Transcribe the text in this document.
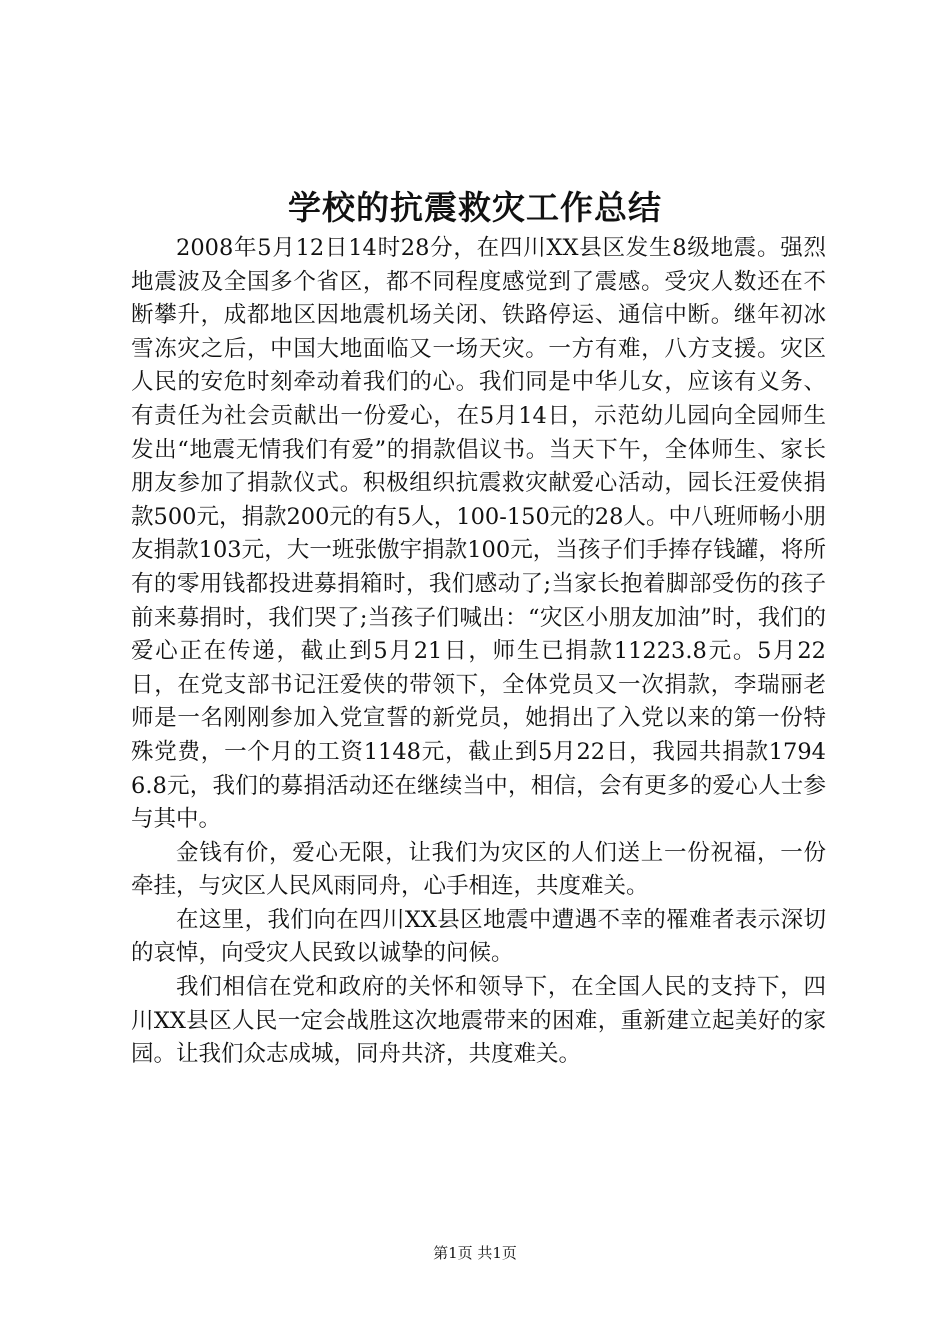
学校的抗震救灾工作总结

2008年5月12日14时28分，在四川XX县区发生8级地震。强烈地震波及全国多个省区，都不同程度感觉到了震感。受灾人数还在不断攀升，成都地区因地震机场关闭、铁路停运、通信中断。继年初冰雪冻灾之后，中国大地面临又一场天灾。一方有难，八方支援。灾区人民的安危时刻牵动着我们的心。我们同是中华儿女，应该有义务、有责任为社会贡献出一份爱心，在5月14日，示范幼儿园向全园师生发出“地震无情我们有爱”的捐款倡议书。当天下午，全体师生、家长朋友参加了捐款仪式。积极组织抗震救灾献爱心活动，园长汪爱侠捐款500元，捐款200元的有5人，100-150元的28人。中八班师畅小朋友捐款103元，大一班张傲宇捐款100元，当孩子们手捧存钱罐，将所有的零用钱都投进募捐箱时，我们感动了;当家长抱着脚部受伤的孩子前来募捐时，我们哭了;当孩子们喊出：“灾区小朋友加油”时，我们的爱心正在传递，截止到5月21日，师生已捐款11223.8元。5月22日，在党支部书记汪爱侠的带领下，全体党员又一次捐款，李瑞丽老师是一名刚刚参加入党宣誓的新党员，她捐出了入党以来的第一份特殊党费，一个月的工资1148元，截止到5月22日，我园共捐款17946.8元，我们的募捐活动还在继续当中，相信，会有更多的爱心人士参与其中。

金钱有价，爱心无限，让我们为灾区的人们送上一份祝福，一份牵挂，与灾区人民风雨同舟，心手相连，共度难关。

在这里，我们向在四川XX县区地震中遭遇不幸的罹难者表示深切的哀悼，向受灾人民致以诚挚的问候。

我们相信在党和政府的关怀和领导下，在全国人民的支持下，四川XX县区人民一定会战胜这次地震带来的困难，重新建立起美好的家园。让我们众志成城，同舟共济，共度难关。

第1页 共1页
